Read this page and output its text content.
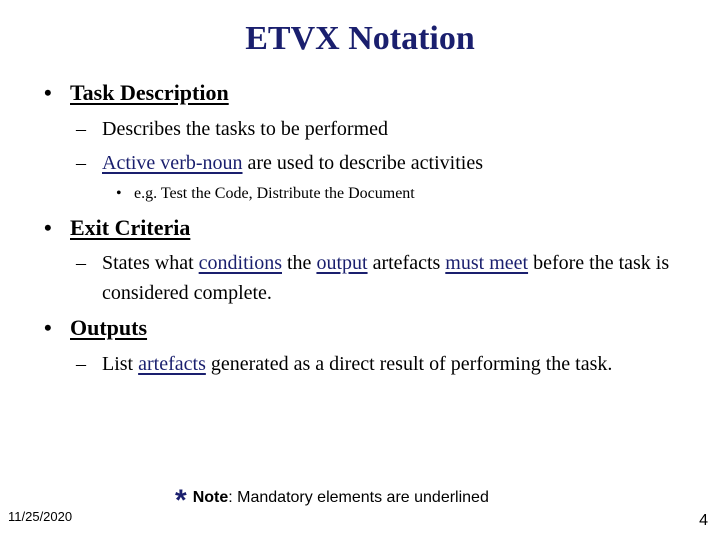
ETVX Notation
• Task Description
– Describes the tasks to be performed
– Active verb-noun are used to describe activities
• e.g. Test the Code, Distribute the Document
• Exit Criteria
– States what conditions the output artefacts must meet before the task is considered complete.
• Outputs
– List artefacts generated as a direct result of performing the task.
* Note: Mandatory elements are underlined
11/25/2020	4
